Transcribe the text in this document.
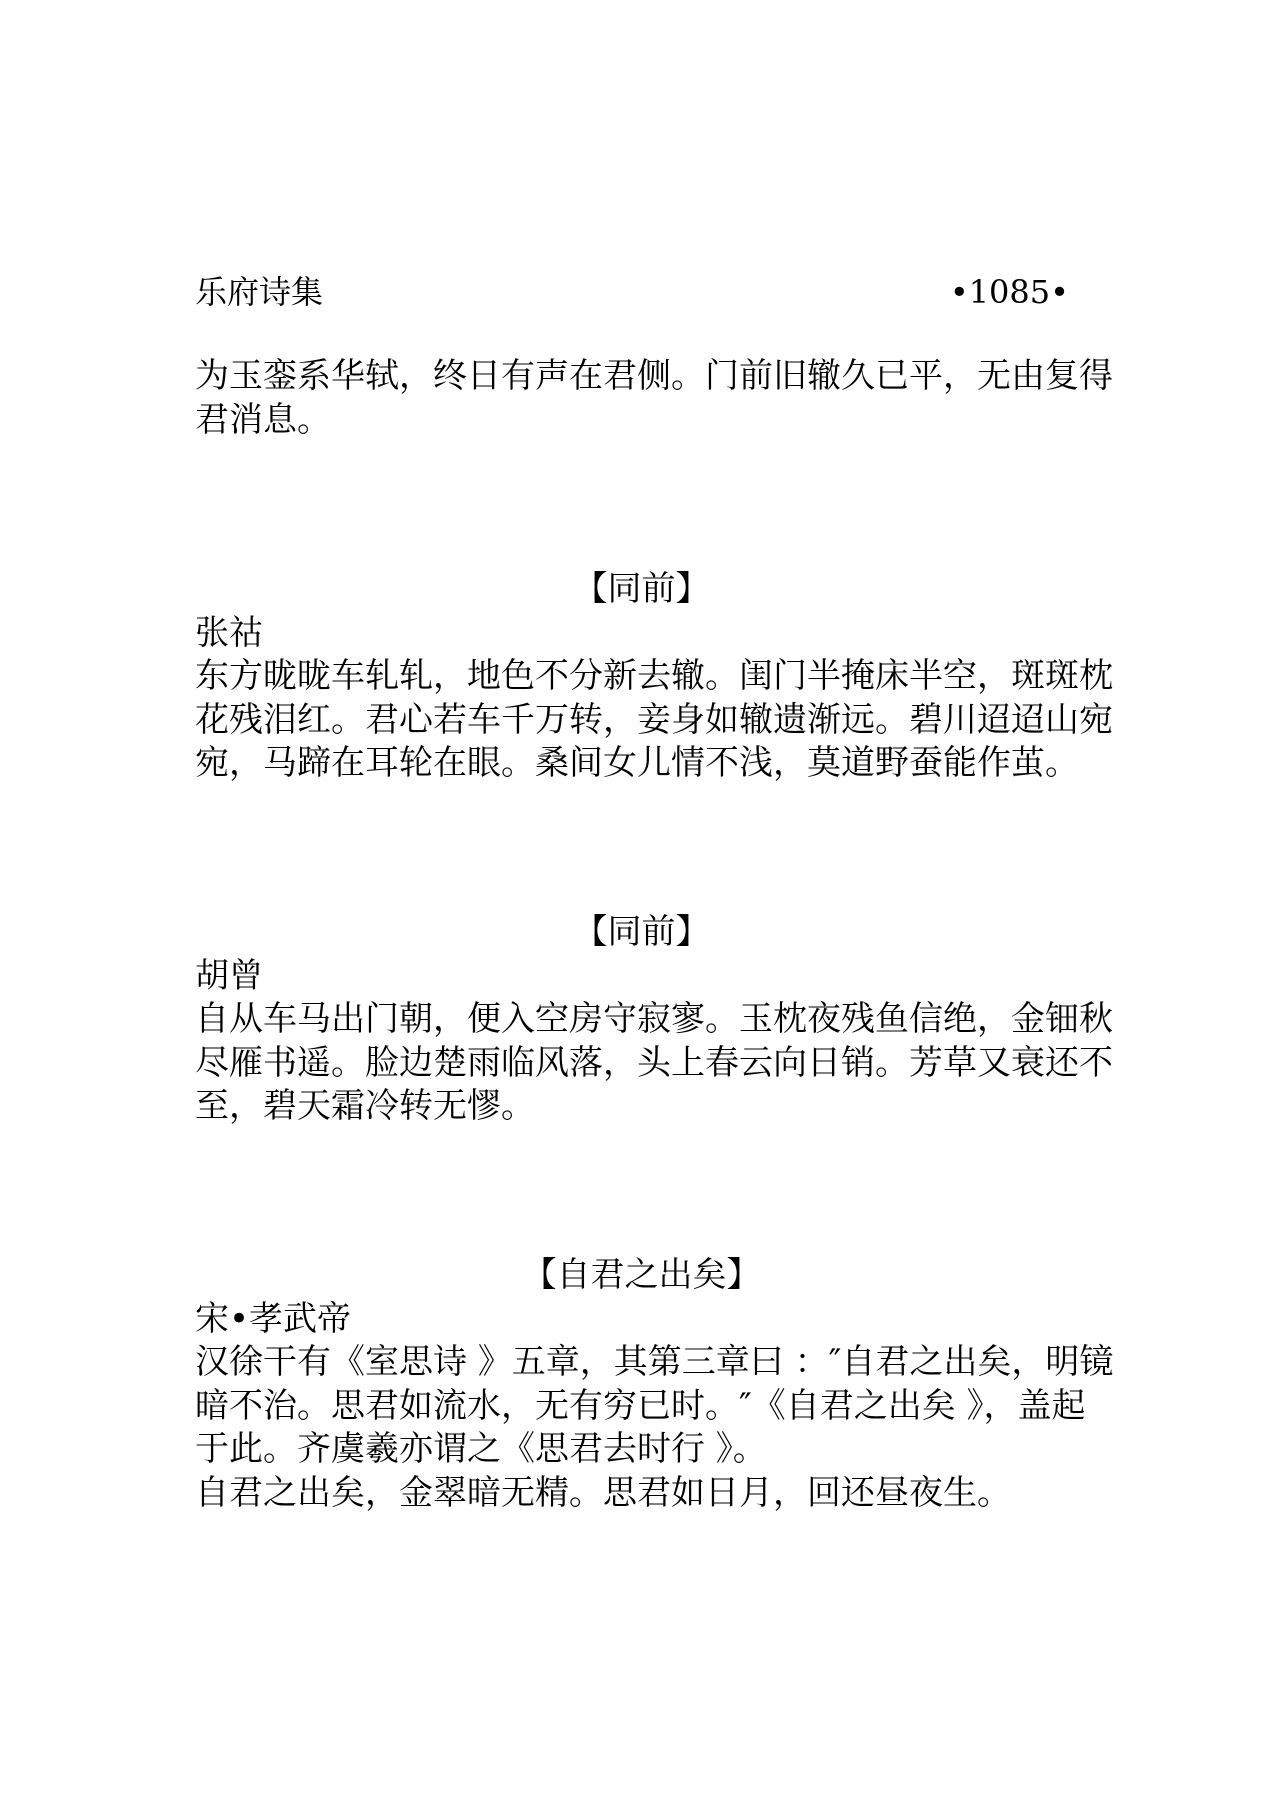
乐府诗集	•1085•
为玉銮系华轼，终日有声在君侧。门前旧辙久已平，无由复得
君消息。
【同前】
张祜
东方昽昽车轧轧，地色不分新去辙。闺门半掩床半空，斑斑枕
花残泪红。君心若车千万转，妾身如辙遗渐远。碧川迢迢山宛
宛，马蹄在耳轮在眼。桑间女儿情不浅，莫道野蚕能作茧。
【同前】
胡曾
自从车马出门朝，便入空房守寂寥。玉枕夜残鱼信绝，金钿秋
尽雁书遥。脸边楚雨临风落，头上春云向日销。芳草又衰还不
至，碧天霜冷转无憀。
【自君之出矣】
宋•孝武帝
汉徐干有《室思诗 》五章，其第三章曰 ：″自君之出矣，明镜
暗不治。思君如流水，无有穷已时。″《自君之出矣 》，盖起
于此。齐虞羲亦谓之《思君去时行 》。
自君之出矣，金翠暗无精。思君如日月，回还昼夜生。
